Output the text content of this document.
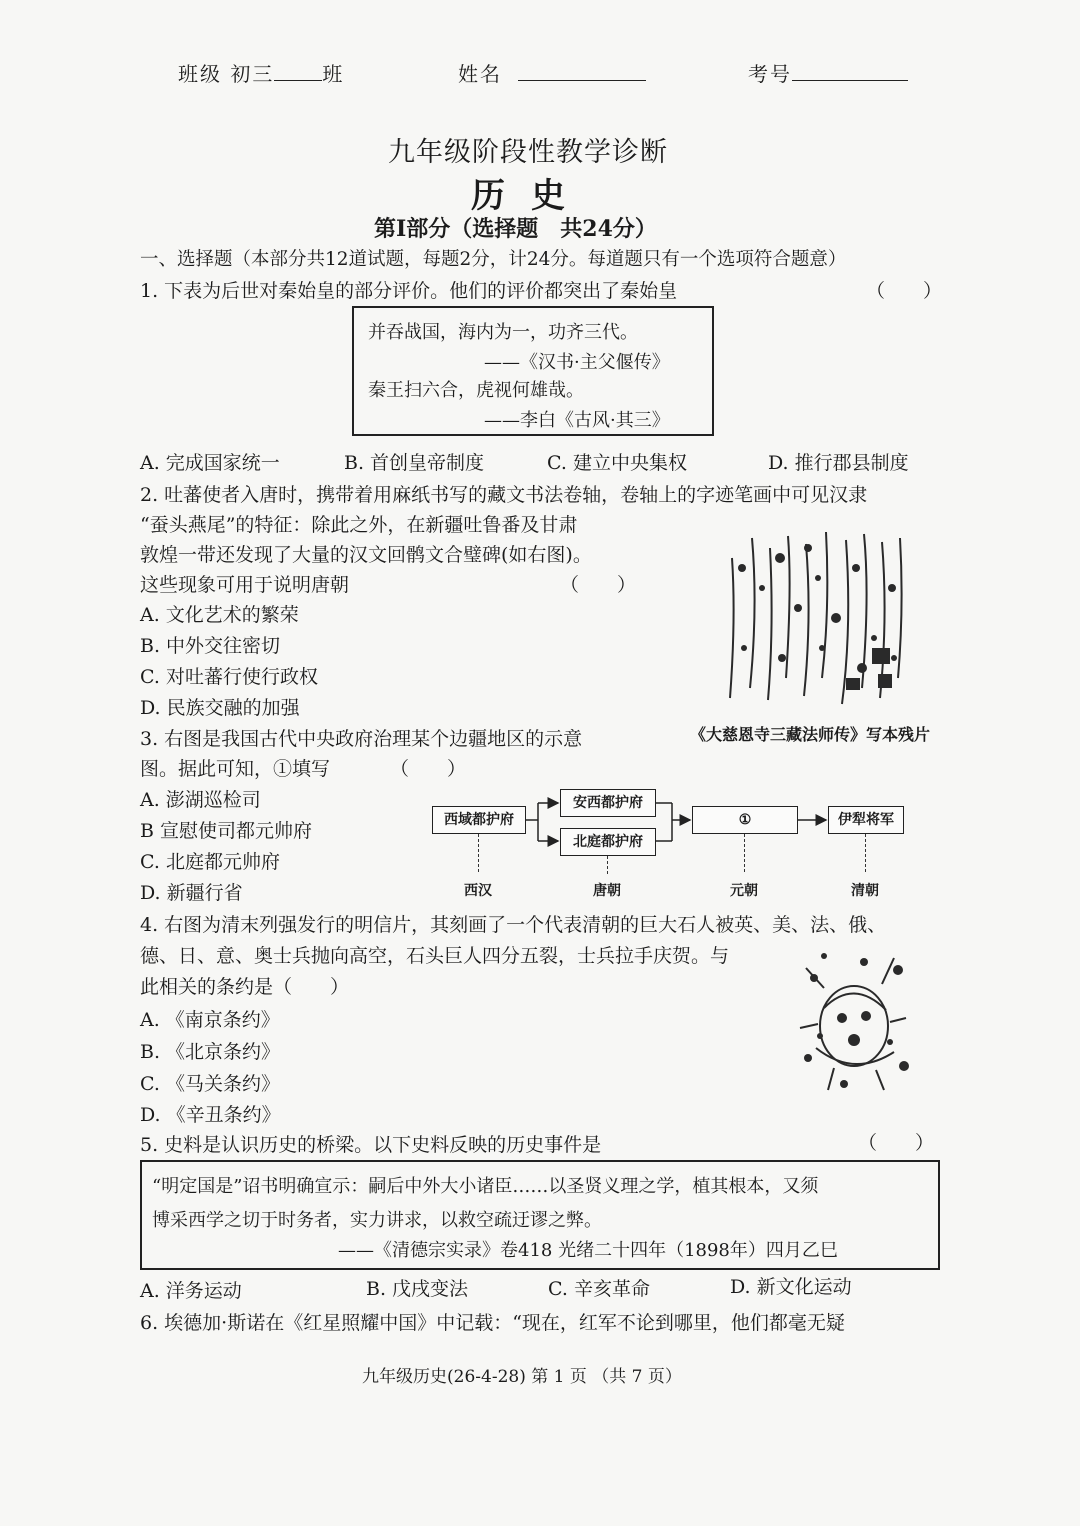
班级 初三 班	姓名	考号
九年级阶段性教学诊断
历史
第Ⅰ部分（选择题　共24分）
一、选择题（本部分共12道试题，每题2分，计24分。每道题只有一个选项符合题意）
1. 下表为后世对秦始皇的部分评价。他们的评价都突出了秦始皇	（　　）
并吞战国，海内为一，功齐三代。
——《汉书·主父偃传》
秦王扫六合，虎视何雄哉。
——李白《古风·其三》
A. 完成国家统一	B. 首创皇帝制度	C. 建立中央集权	D. 推行郡县制度
2. 吐蕃使者入唐时，携带着用麻纸书写的藏文书法卷轴，卷轴上的字迹笔画中可见汉隶
“蚕头燕尾”的特征：除此之外，在新疆吐鲁番及甘肃
敦煌一带还发现了大量的汉文回鹘文合璧碑(如右图)。
这些现象可用于说明唐朝	（　　）
A. 文化艺术的繁荣
B. 中外交往密切
C. 对吐蕃行使行政权
D. 民族交融的加强
《大慈恩寺三藏法师传》写本残片
3. 右图是我国古代中央政府治理某个边疆地区的示意
图。据此可知，①填写	（　　）
A. 澎湖巡检司
B 宣慰使司都元帅府
C. 北庭都元帅府
D. 新疆行省
西域都护府
安西都护府
北庭都护府
①	伊犁将军
西汉	唐朝	元朝	清朝
4. 右图为清末列强发行的明信片，其刻画了一个代表清朝的巨大石人被英、美、法、俄、
德、日、意、奥士兵抛向高空，石头巨人四分五裂，士兵拉手庆贺。与
此相关的条约是（　　）
A. 《南京条约》
B. 《北京条约》
C. 《马关条约》
D. 《辛丑条约》
5. 史料是认识历史的桥梁。以下史料反映的历史事件是	（　　）
“明定国是”诏书明确宣示：嗣后中外大小诸臣……以圣贤义理之学，植其根本，又须
博采西学之切于时务者，实力讲求，以救空疏迂谬之弊。
——《清德宗实录》卷418 光绪二十四年（1898年）四月乙巳
A. 洋务运动	B. 戊戌变法	C. 辛亥革命	D. 新文化运动
6. 埃德加·斯诺在《红星照耀中国》中记载：“现在，红军不论到哪里，他们都毫无疑
九年级历史(26-4-28) 第 1 页 （共 7 页）
